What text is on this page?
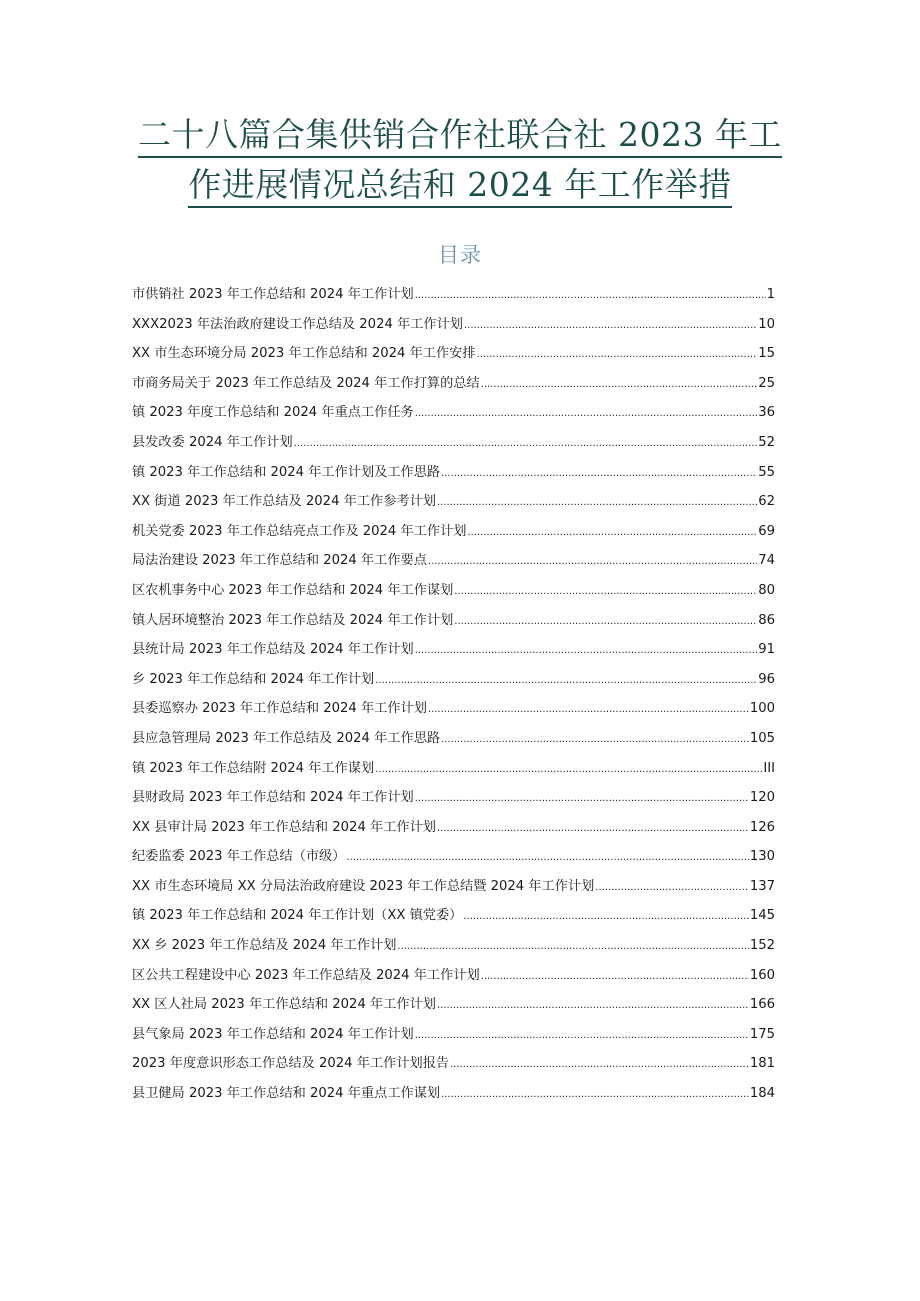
二十八篇合集供销合作社联合社 2023 年工
作进展情况总结和 2024 年工作举措
目录
市供销社 2023 年工作总结和 2024 年工作计划 .....	1
XXX2023 年法治政府建设工作总结及 2024 年工作计划 .....	10
XX 市生态环境分局 2023 年工作总结和 2024 年工作安排 .....	15
市商务局关于 2023 年工作总结及 2024 年工作打算的总结 .....	25
镇 2023 年度工作总结和 2024 年重点工作任务 .....	36
县发改委 2024 年工作计划 .....	52
镇 2023 年工作总结和 2024 年工作计划及工作思路 .....	55
XX 街道 2023 年工作总结及 2024 年工作参考计划 .....	62
机关党委 2023 年工作总结亮点工作及 2024 年工作计划 .....	69
局法治建设 2023 年工作总结和 2024 年工作要点 .....	74
区农机事务中心 2023 年工作总结和 2024 年工作谋划 .....	80
镇人居环境整治 2023 年工作总结及 2024 年工作计划 .....	86
县统计局 2023 年工作总结及 2024 年工作计划 .....	91
乡 2023 年工作总结和 2024 年工作计划 .....	96
县委巡察办 2023 年工作总结和 2024 年工作计划 .....	100
县应急管理局 2023 年工作总结及 2024 年工作思路 .....	105
镇 2023 年工作总结附 2024 年工作谋划 .....	III
县财政局 2023 年工作总结和 2024 年工作计划 .....	120
XX 县审计局 2023 年工作总结和 2024 年工作计划 .....	126
纪委监委 2023 年工作总结（市级） .....	130
XX 市生态环境局 XX 分局法治政府建设 2023 年工作总结暨 2024 年工作计划 .....	137
镇 2023 年工作总结和 2024 年工作计划（XX 镇党委） .....	145
XX 乡 2023 年工作总结及 2024 年工作计划 .....	152
区公共工程建设中心 2023 年工作总结及 2024 年工作计划 .....	160
XX 区人社局 2023 年工作总结和 2024 年工作计划 .....	166
县气象局 2023 年工作总结和 2024 年工作计划 .....	175
2023 年度意识形态工作总结及 2024 年工作计划报告 .....	181
县卫健局 2023 年工作总结和 2024 年重点工作谋划 .....	184
